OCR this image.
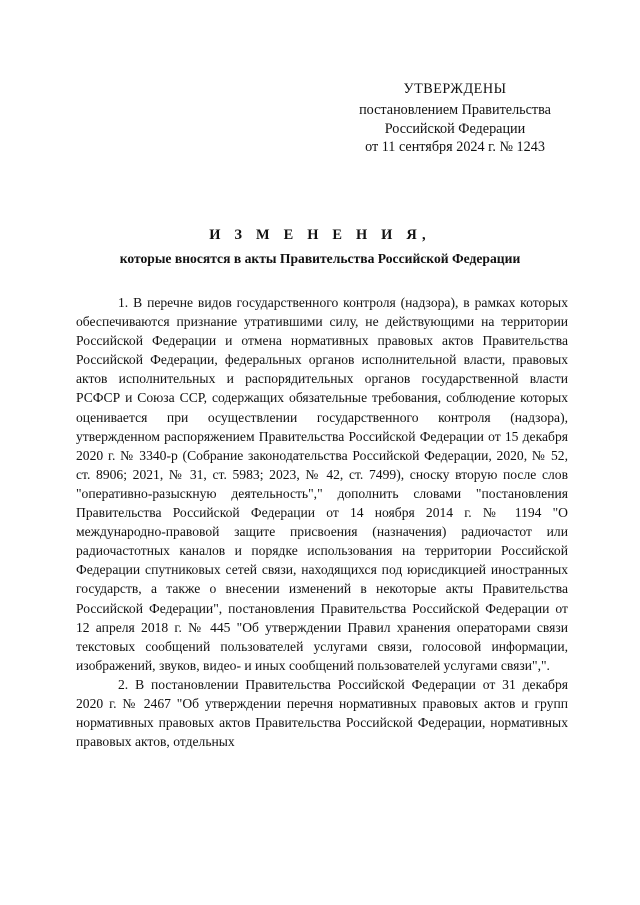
УТВЕРЖДЕНЫ
постановлением Правительства
Российской Федерации
от 11 сентября 2024 г. № 1243
И З М Е Н Е Н И Я,
которые вносятся в акты Правительства Российской Федерации

1. В перечне видов государственного контроля (надзора), в рамках которых обеспечиваются признание утратившими силу, не действующими на территории Российской Федерации и отмена нормативных правовых актов Правительства Российской Федерации, федеральных органов исполнительной власти, правовых актов исполнительных и распорядительных органов государственной власти РСФСР и Союза ССР, содержащих обязательные требования, соблюдение которых оценивается при осуществлении государственного контроля (надзора), утвержденном распоряжением Правительства Российской Федерации от 15 декабря 2020 г. № 3340-р (Собрание законодательства Российской Федерации, 2020, № 52, ст. 8906; 2021, № 31, ст. 5983; 2023, № 42, ст. 7499), сноску вторую после слов "оперативно-разыскную деятельность"," дополнить словами "постановления Правительства Российской Федерации от 14 ноября 2014 г. № 1194 "О международно-правовой защите присвоения (назначения) радиочастот или радиочастотных каналов и порядке использования на территории Российской Федерации спутниковых сетей связи, находящихся под юрисдикцией иностранных государств, а также о внесении изменений в некоторые акты Правительства Российской Федерации", постановления Правительства Российской Федерации от 12 апреля 2018 г. № 445 "Об утверждении Правил хранения операторами связи текстовых сообщений пользователей услугами связи, голосовой информации, изображений, звуков, видео- и иных сообщений пользователей услугами связи",".

2. В постановлении Правительства Российской Федерации от 31 декабря 2020 г. № 2467 "Об утверждении перечня нормативных правовых актов и групп нормативных правовых актов Правительства Российской Федерации, нормативных правовых актов, отдельных
